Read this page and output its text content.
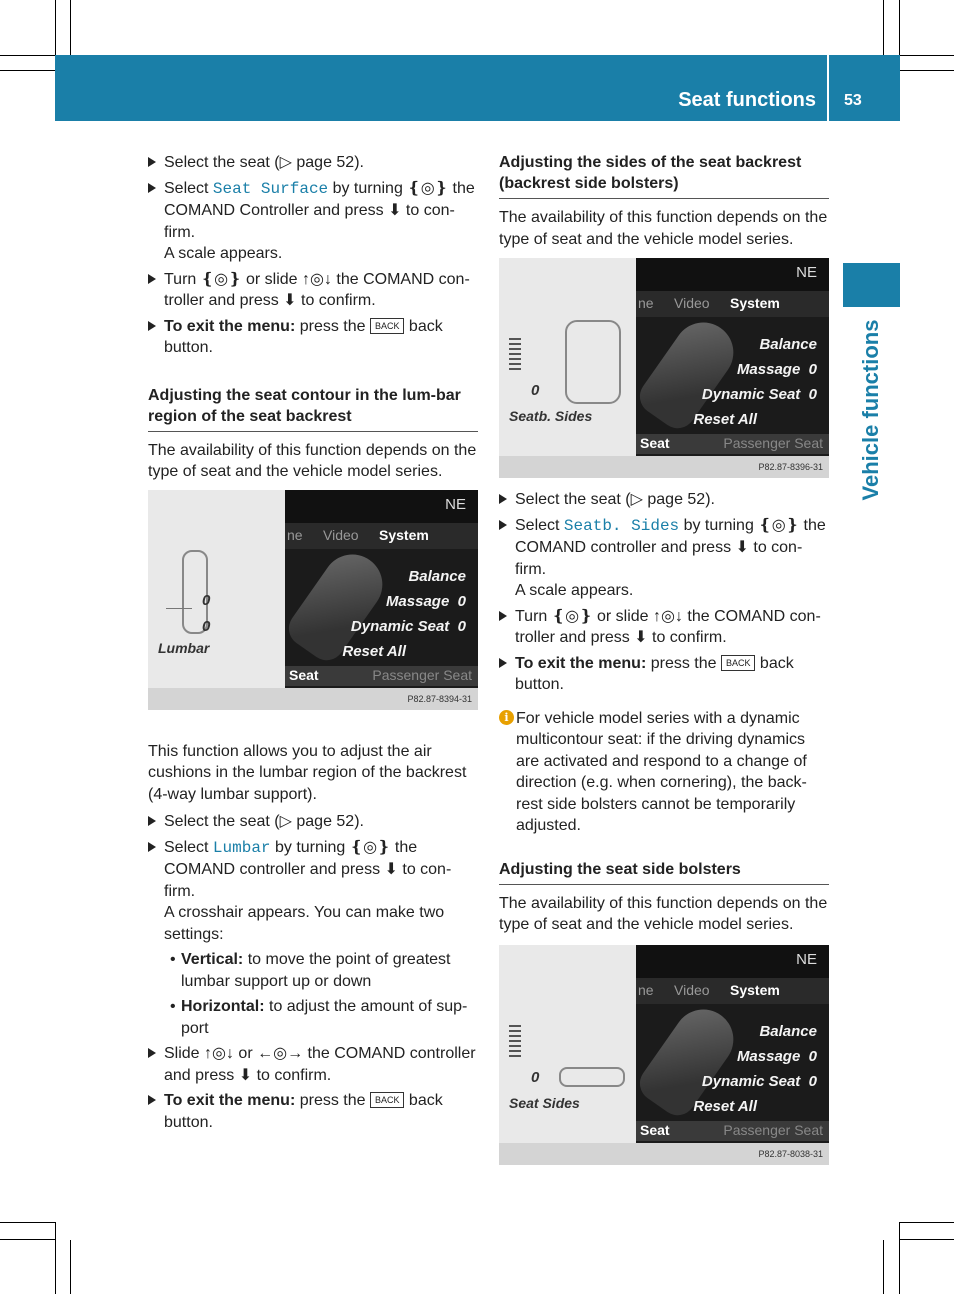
Seat functions 53
Vehicle functions
Select the seat (▷ page 52).
Select Seat Surface by turning ❴◎❵ the COMAND Controller and press ⬇ to con-firm.
A scale appears.
Turn ❴◎❵ or slide ↑◎↓ the COMAND con-troller and press ⬇ to confirm.
To exit the menu: press the BACK back button.
Adjusting the seat contour in the lum-bar region of the seat backrest
The availability of this function depends on the type of seat and the vehicle model series.
This function allows you to adjust the air cushions in the lumbar region of the backrest (4-way lumbar support).
Select the seat (▷ page 52).
Select Lumbar by turning ❴◎❵ the COMAND controller and press ⬇ to con-firm.
A crosshair appears. You can make two settings:
• Vertical: to move the point of greatest lumbar support up or down
• Horizontal: to adjust the amount of sup-port
Slide ↑◎↓ or ←◎→ the COMAND controller and press ⬇ to confirm.
To exit the menu: press the BACK back button.
0
0
Lumbar
NE
ne Video System
Balance
Massage 0
Dynamic Seat 0
Reset All
Seat	Passenger Seat
P82.87-8394-31
Adjusting the sides of the seat backrest (backrest side bolsters)
The availability of this function depends on the type of seat and the vehicle model series.
0
Seatb. Sides
NE
ne Video System
Balance
Massage 0
Dynamic Seat 0
Reset All
Seat	Passenger Seat
P82.87-8396-31
Select the seat (▷ page 52).
Select Seatb. Sides by turning ❴◎❵ the COMAND controller and press ⬇ to con-firm.
A scale appears.
Turn ❴◎❵ or slide ↑◎↓ the COMAND con-troller and press ⬇ to confirm.
To exit the menu: press the BACK back button.
i For vehicle model series with a dynamic multicontour seat: if the driving dynamics are activated and respond to a change of direction (e.g. when cornering), the back-rest side bolsters cannot be temporarily adjusted.
Adjusting the seat side bolsters
The availability of this function depends on the type of seat and the vehicle model series.
0
Seat Sides
NE
ne Video System
Balance
Massage 0
Dynamic Seat 0
Reset All
Seat	Passenger Seat
P82.87-8038-31
